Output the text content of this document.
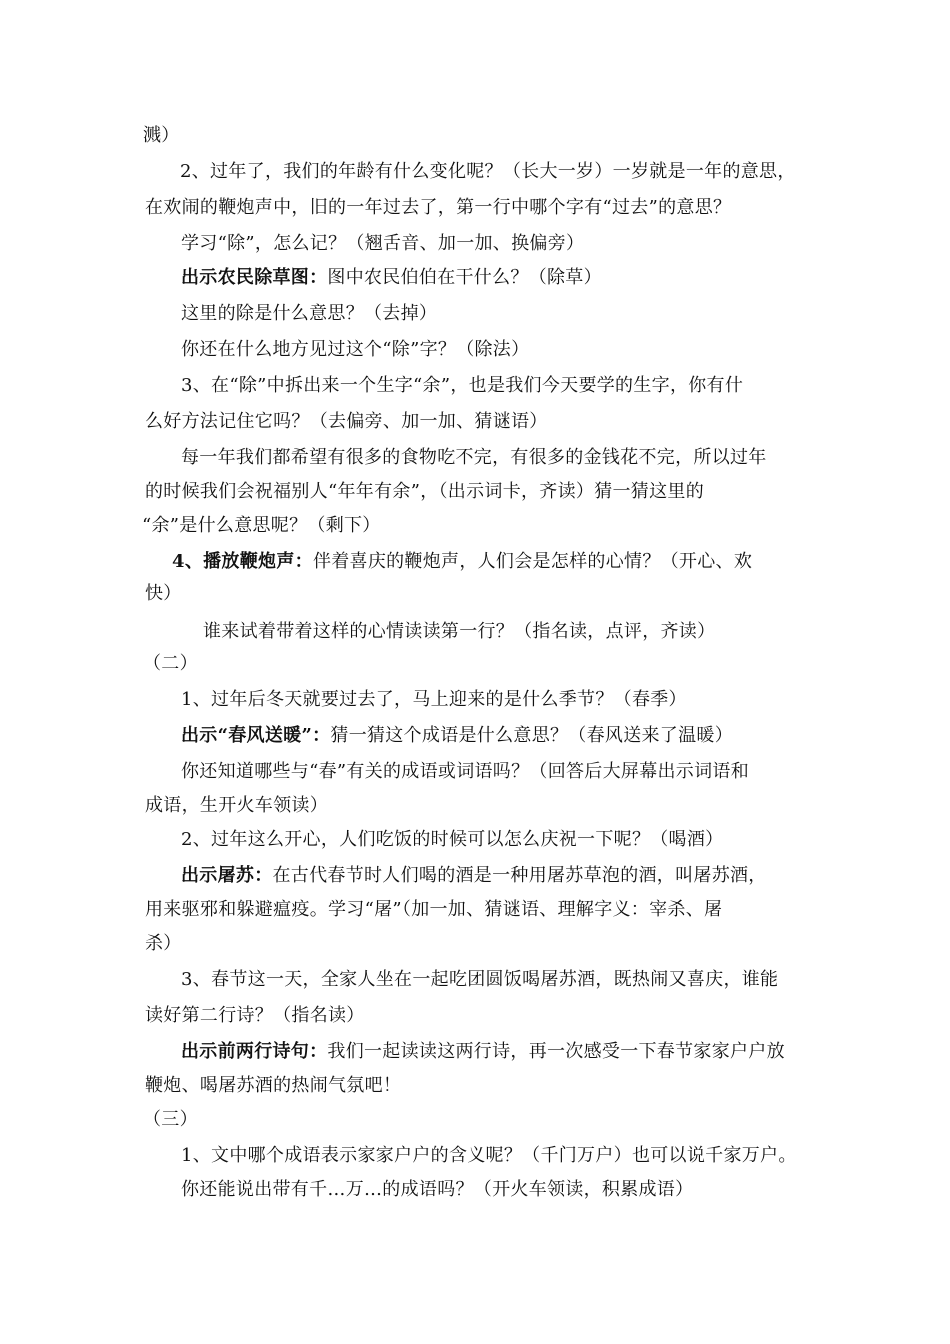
溅）
2、过年了，我们的年龄有什么变化呢？（长大一岁）一岁就是一年的意思，
在欢闹的鞭炮声中，旧的一年过去了，第一行中哪个字有“过去”的意思？
学习“除”，怎么记？（翘舌音、加一加、换偏旁）
出示农民除草图：图中农民伯伯在干什么？（除草）
这里的除是什么意思？（去掉）
你还在什么地方见过这个“除”字？（除法）
3、在“除”中拆出来一个生字“余”，也是我们今天要学的生字，你有什
么好方法记住它吗？（去偏旁、加一加、猜谜语）
每一年我们都希望有很多的食物吃不完，有很多的金钱花不完，所以过年
的时候我们会祝福别人“年年有余”，（出示词卡，齐读）猜一猜这里的
“余”是什么意思呢？（剩下）
4、播放鞭炮声：伴着喜庆的鞭炮声，人们会是怎样的心情？（开心、欢
快）
谁来试着带着这样的心情读读第一行？（指名读，点评，齐读）
（二）
1、过年后冬天就要过去了，马上迎来的是什么季节？（春季）
出示“春风送暖”：猜一猜这个成语是什么意思？（春风送来了温暖）
你还知道哪些与“春”有关的成语或词语吗？（回答后大屏幕出示词语和
成语，生开火车领读）
2、过年这么开心，人们吃饭的时候可以怎么庆祝一下呢？（喝酒）
出示屠苏：在古代春节时人们喝的酒是一种用屠苏草泡的酒，叫屠苏酒，
用来驱邪和躲避瘟疫。学习“屠”（加一加、猜谜语、理解字义：宰杀、屠
杀）
3、春节这一天，全家人坐在一起吃团圆饭喝屠苏酒，既热闹又喜庆，谁能
读好第二行诗？（指名读）
出示前两行诗句：我们一起读读这两行诗，再一次感受一下春节家家户户放
鞭炮、喝屠苏酒的热闹气氛吧！
（三）
1、文中哪个成语表示家家户户的含义呢？（千门万户）也可以说千家万户。
你还能说出带有千…万…的成语吗？（开火车领读，积累成语）
